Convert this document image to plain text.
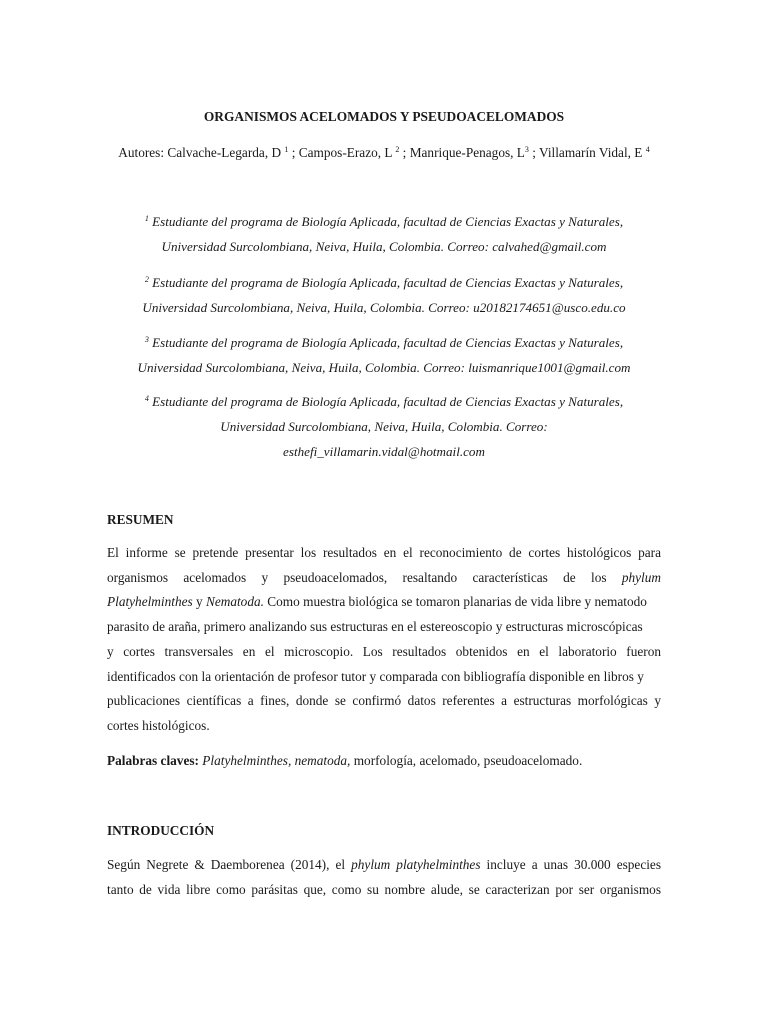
ORGANISMOS ACELOMADOS Y PSEUDOACELOMADOS
Autores: Calvache-Legarda, D $^1$ ; Campos-Erazo, L $^2$ ; Manrique-Penagos, $L^3$ ; Villamarín Vidal, E $^4$
$^1$ Estudiante del programa de Biología Aplicada, facultad de Ciencias Exactas y Naturales,
Universidad Surcolombiana, Neiva, Huila, Colombia. Correo: calvahed@gmail.com
$^2$ Estudiante del programa de Biología Aplicada, facultad de Ciencias Exactas y Naturales,
Universidad Surcolombiana, Neiva, Huila, Colombia. Correo: u20182174651@usco.edu.co
$^3$ Estudiante del programa de Biología Aplicada, facultad de Ciencias Exactas y Naturales,
Universidad Surcolombiana, Neiva, Huila, Colombia. Correo: luismanrique1001@gmail.com
$^4$ Estudiante del programa de Biología Aplicada, facultad de Ciencias Exactas y Naturales,
Universidad Surcolombiana, Neiva, Huila, Colombia. Correo:
esthefi_villamarin.vidal@hotmail.com
RESUMEN
El informe se pretende presentar los resultados en el reconocimiento de cortes histológicos para
organismos acelomados y pseudoacelomados, resaltando características de los phylum
Platyhelminthes y Nematoda. Como muestra biológica se tomaron planarias de vida libre y nematodo
parasito de araña, primero analizando sus estructuras en el estereoscopio y estructuras microscópicas
y cortes transversales en el microscopio. Los resultados obtenidos en el laboratorio fueron
identificados con la orientación de profesor tutor y comparada con bibliografía disponible en libros y
publicaciones científicas a fines, donde se confirmó datos referentes a estructuras morfológicas y
cortes histológicos.
Palabras claves: Platyhelminthes, nematoda, morfología, acelomado, pseudoacelomado.
INTRODUCCIÓN
Según Negrete & Daemborenea (2014), el phylum platyhelminthes incluye a unas 30.000 especies
tanto de vida libre como parásitas que, como su nombre alude, se caracterizan por ser organismos
